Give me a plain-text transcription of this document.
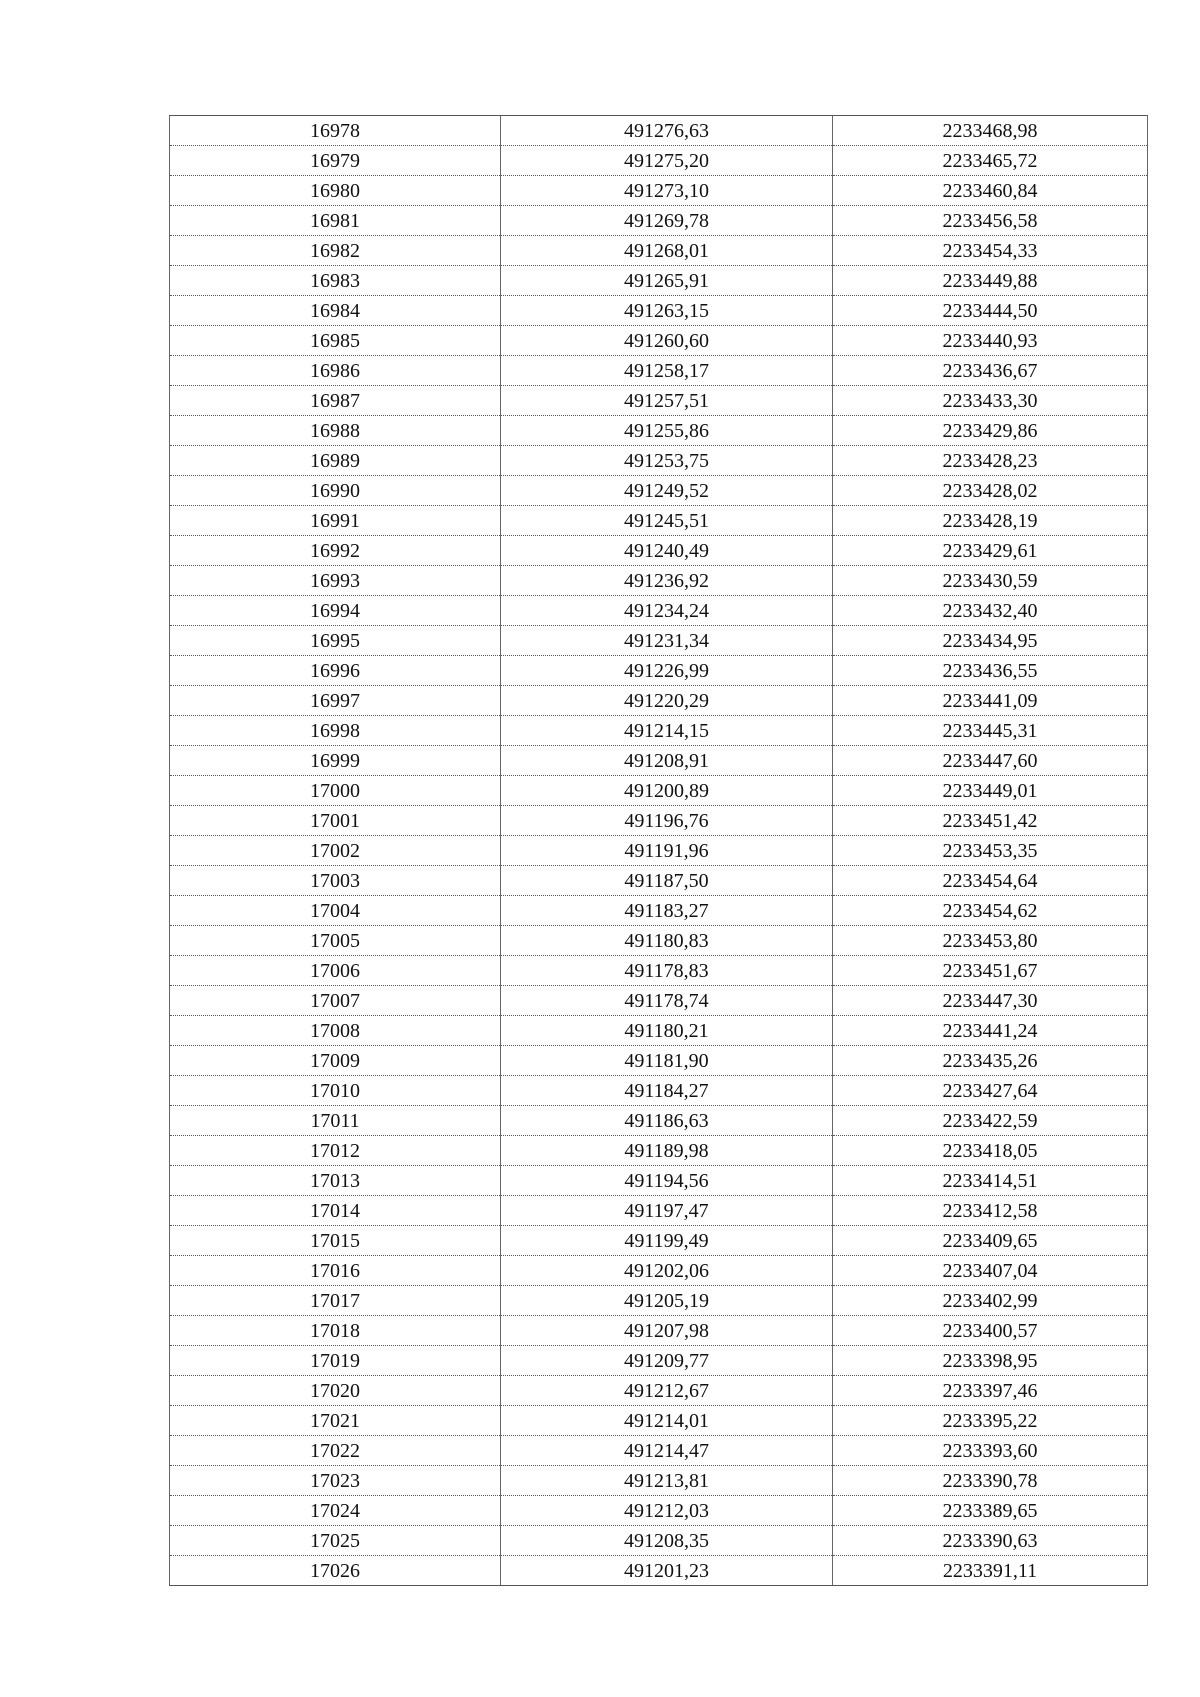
16978	491276,63	2233468,98
16979	491275,20	2233465,72
16980	491273,10	2233460,84
16981	491269,78	2233456,58
16982	491268,01	2233454,33
16983	491265,91	2233449,88
16984	491263,15	2233444,50
16985	491260,60	2233440,93
16986	491258,17	2233436,67
16987	491257,51	2233433,30
16988	491255,86	2233429,86
16989	491253,75	2233428,23
16990	491249,52	2233428,02
16991	491245,51	2233428,19
16992	491240,49	2233429,61
16993	491236,92	2233430,59
16994	491234,24	2233432,40
16995	491231,34	2233434,95
16996	491226,99	2233436,55
16997	491220,29	2233441,09
16998	491214,15	2233445,31
16999	491208,91	2233447,60
17000	491200,89	2233449,01
17001	491196,76	2233451,42
17002	491191,96	2233453,35
17003	491187,50	2233454,64
17004	491183,27	2233454,62
17005	491180,83	2233453,80
17006	491178,83	2233451,67
17007	491178,74	2233447,30
17008	491180,21	2233441,24
17009	491181,90	2233435,26
17010	491184,27	2233427,64
17011	491186,63	2233422,59
17012	491189,98	2233418,05
17013	491194,56	2233414,51
17014	491197,47	2233412,58
17015	491199,49	2233409,65
17016	491202,06	2233407,04
17017	491205,19	2233402,99
17018	491207,98	2233400,57
17019	491209,77	2233398,95
17020	491212,67	2233397,46
17021	491214,01	2233395,22
17022	491214,47	2233393,60
17023	491213,81	2233390,78
17024	491212,03	2233389,65
17025	491208,35	2233390,63
17026	491201,23	2233391,11
